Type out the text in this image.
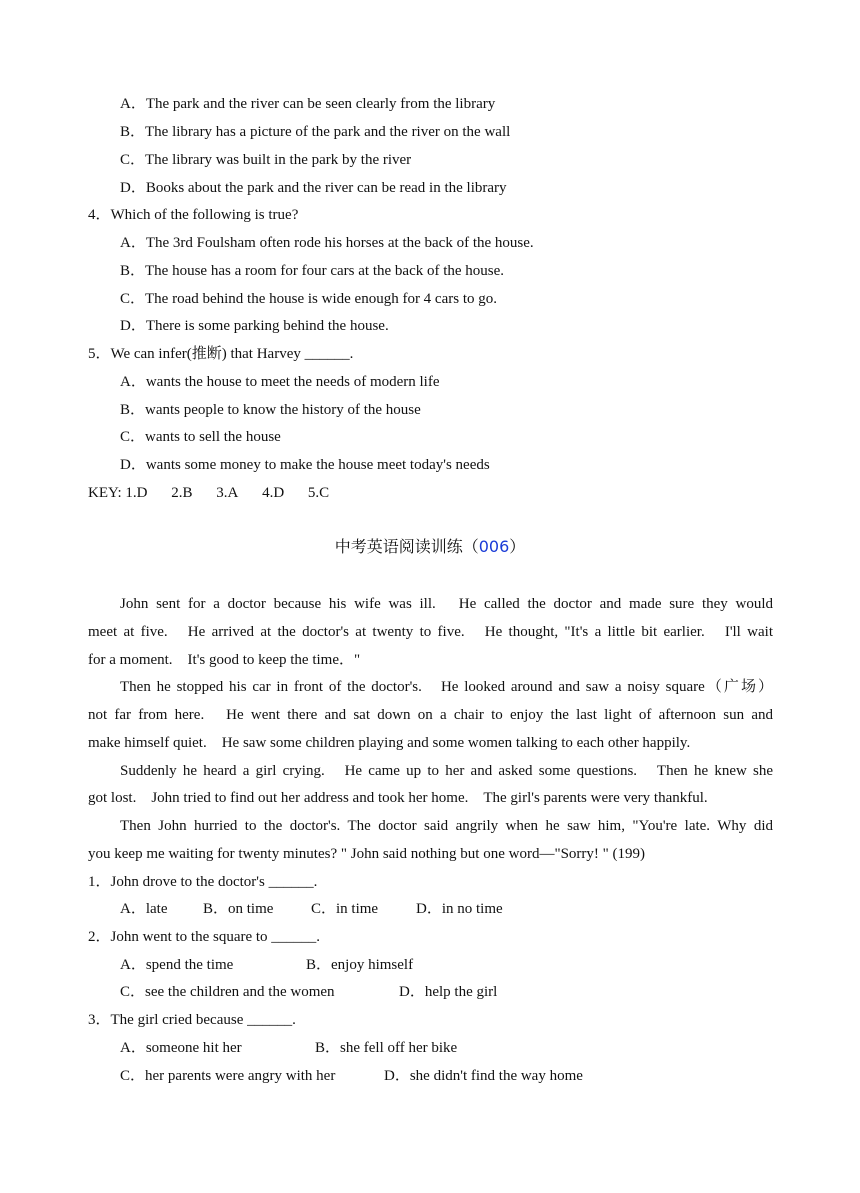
A．The park and the river can be seen clearly from the library
B．The library has a picture of the park and the river on the wall
C．The library was built in the park by the river
D．Books about the park and the river can be read in the library
4．Which of the following is true?
A．The 3rd Foulsham often rode his horses at the back of the house.
B．The house has a room for four cars at the back of the house.
C．The road behind the house is wide enough for 4 cars to go.
D．There is some parking behind the house.
5．We can infer(推断) that Harvey ______.
A．wants the house to meet the needs of modern life
B．wants people to know the history of the house
C．wants to sell the house
D．wants some money to make the house meet today's needs
KEY: 1.D 2.B 3.A 4.D 5.C
中考英语阅读训练（006）
John sent for a doctor because his wife was ill.　He called the doctor and made sure they would
meet at five.　He arrived at the doctor's at twenty to five.　He thought, "It's a little bit earlier.　I'll wait
for a moment.　It's good to keep the time．"
Then he stopped his car in front of the doctor's.　He looked around and saw a noisy square（广场）
not far from here.　He went there and sat down on a chair to enjoy the last light of afternoon sun and
make himself quiet.　He saw some children playing and some women talking to each other happily.
Suddenly he heard a girl crying.　He came up to her and asked some questions.　Then he knew she
got lost.　John tried to find out her address and took her home.　The girl's parents were very thankful.
Then John hurried to the doctor's. The doctor said angrily when he saw him, "You're late. Why did
you keep me waiting for twenty minutes? " John said nothing but one word—"Sorry! " (199)
1．John drove to the doctor's ______.
A．late B．on time	C．in time	D．in no time
2．John went to the square to ______.
A．spend the time	B．enjoy himself
C．see the children and the women	D．help the girl
3．The girl cried because ______.
A．someone hit her	B．she fell off her bike
C．her parents were angry with her	D．she didn't find the way home
